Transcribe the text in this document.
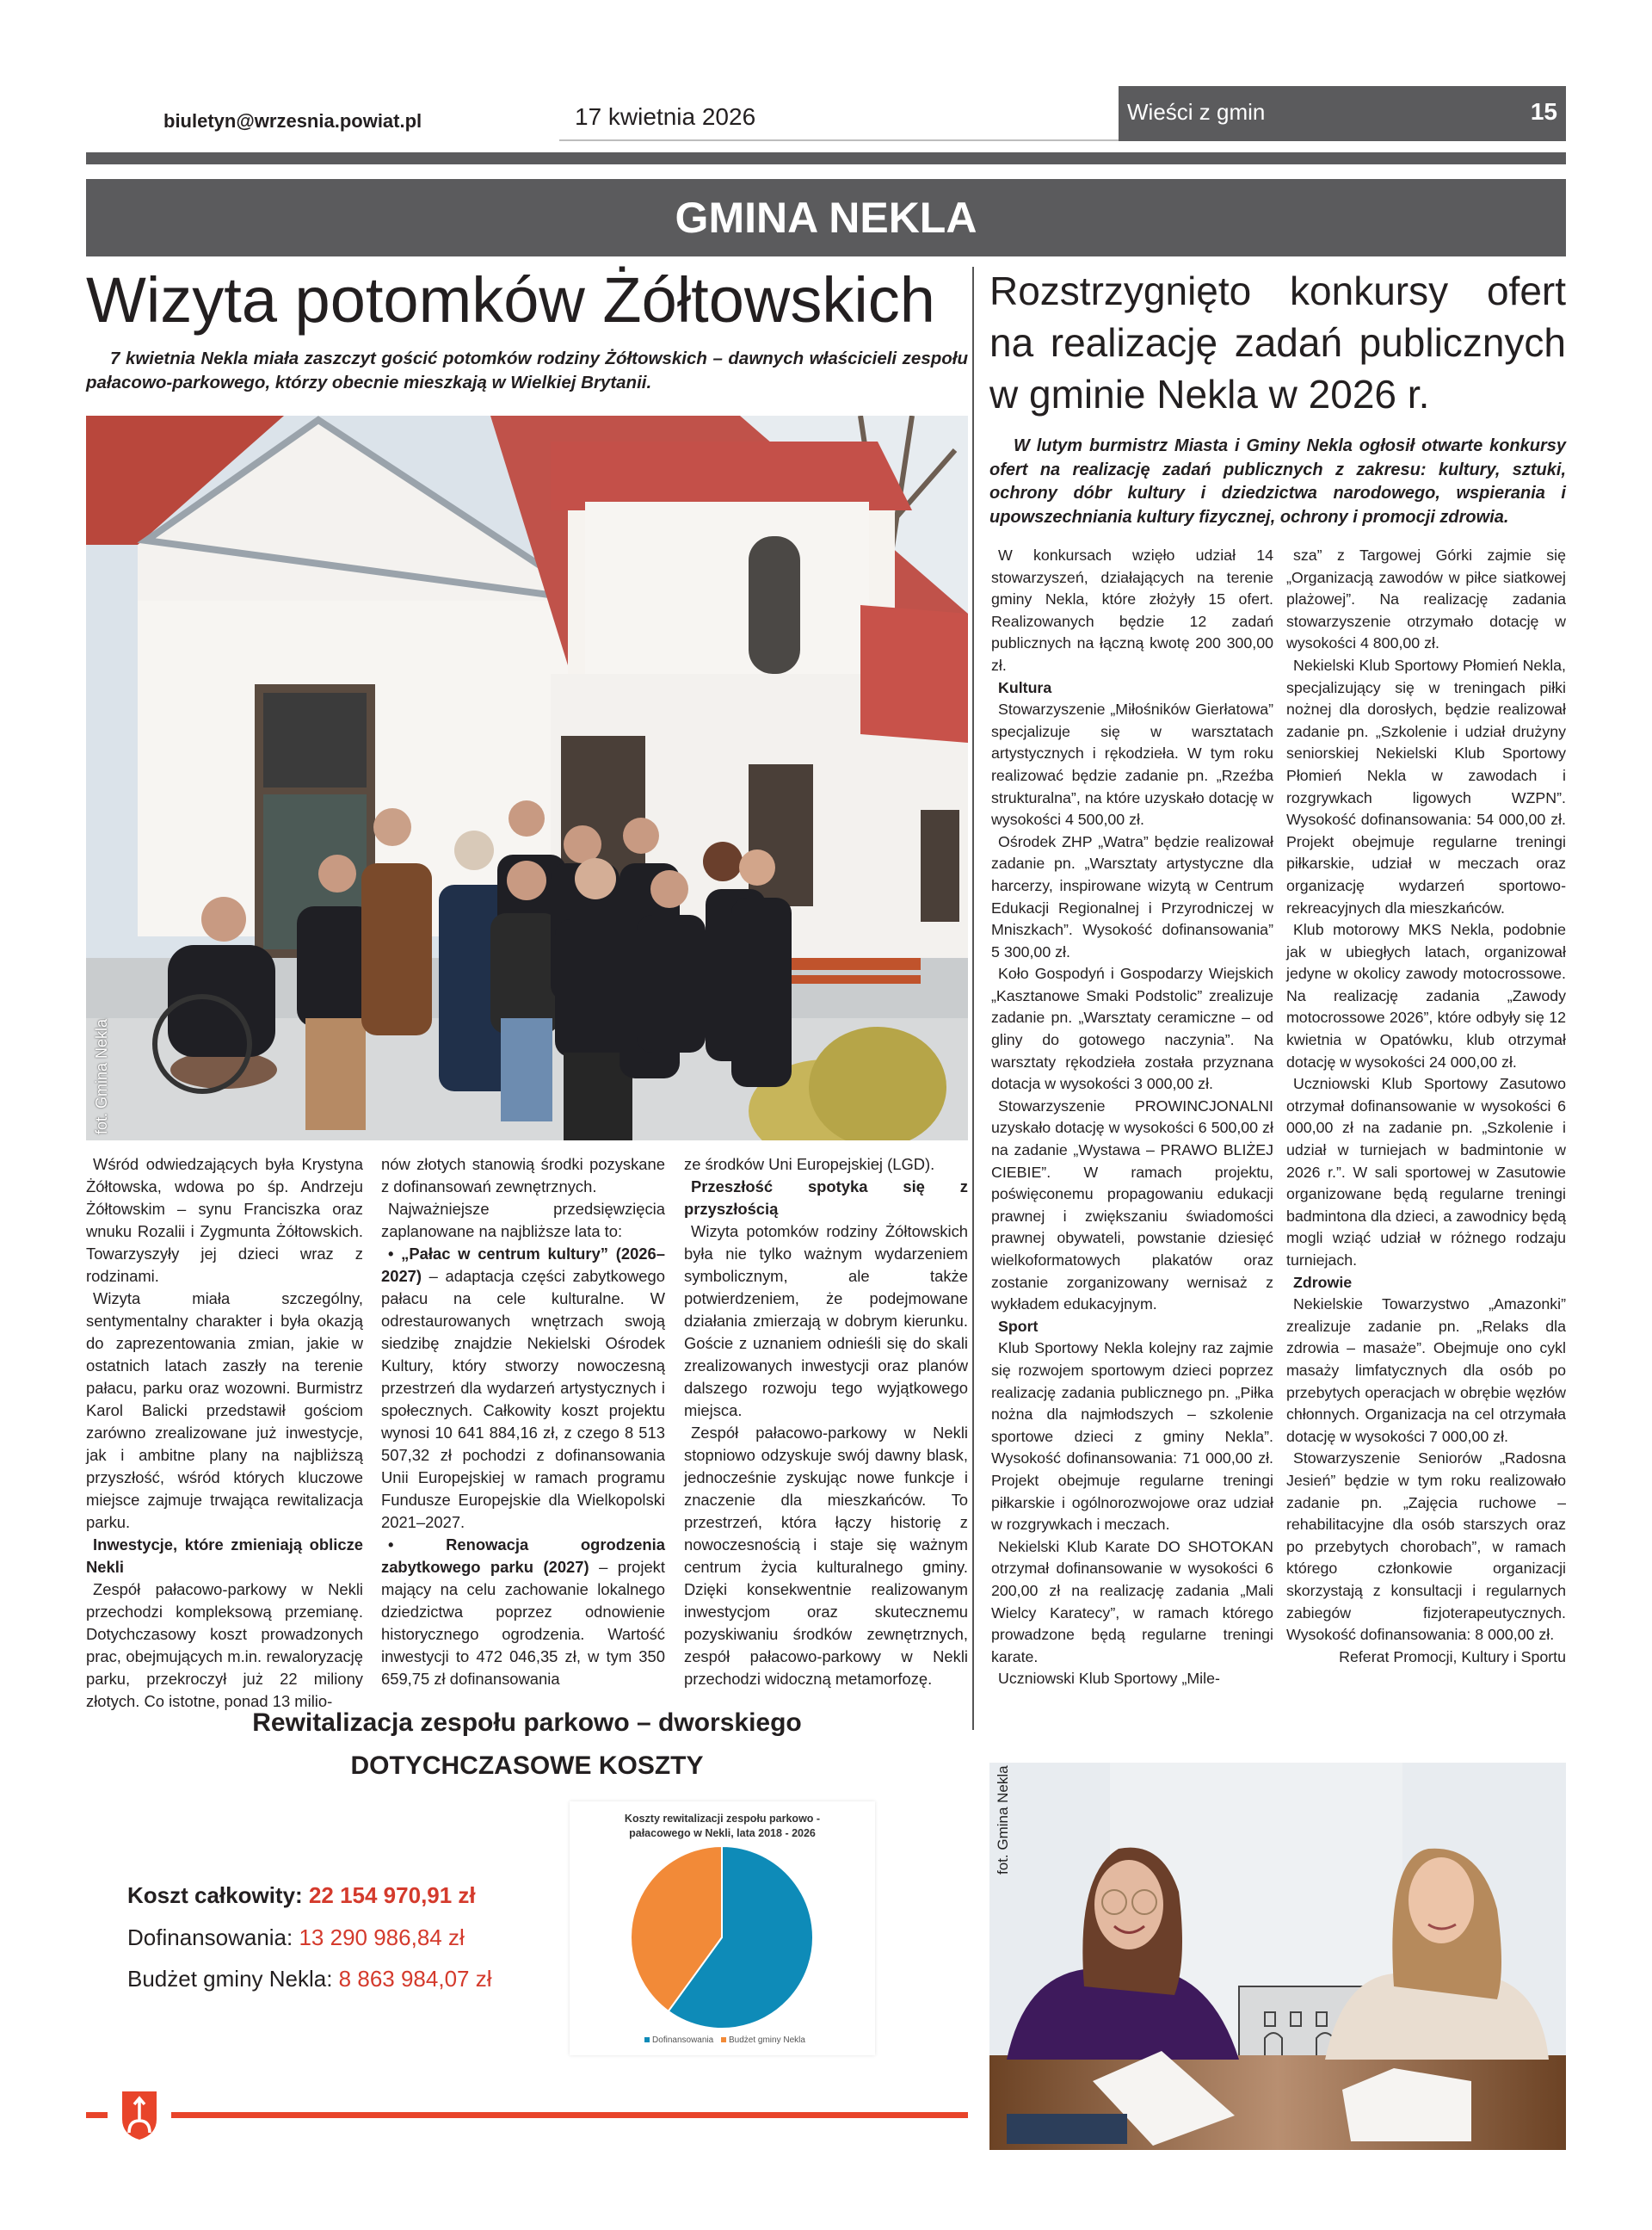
biuletyn@wrzesnia.powiat.pl	17 kwietnia 2026	Wieści z gmin	15
GMINA NEKLA
Wizyta potomków Żółtowskich
7 kwietnia Nekla miała zaszczyt gościć potomków rodziny Żółtowskich – dawnych właścicieli zespołu pałacowo-parkowego, którzy obecnie mieszkają w Wielkiej Brytanii.
fot. Gmina Nekla

Wśród odwiedzających była Krystyna Żółtowska, wdowa po śp. Andrzeju Żółtowskim – synu Franciszka oraz wnuku Rozalii i Zygmunta Żółtowskich. Towarzyszyły jej dzieci wraz z rodzinami.

Wizyta miała szczególny, sentymentalny charakter i była okazją do zaprezentowania zmian, jakie w ostatnich latach zaszły na terenie pałacu, parku oraz wozowni. Burmistrz Karol Balicki przedstawił gościom zarówno zrealizowane już inwestycje, jak i ambitne plany na najbliższą przyszłość, wśród których kluczowe miejsce zajmuje trwająca rewitalizacja parku.

Inwestycje, które zmieniają oblicze Nekli

Zespół pałacowo-parkowy w Nekli przechodzi kompleksową przemianę. Dotychczasowy koszt prowadzonych prac, obejmujących m.in. rewaloryzację parku, przekroczył już 22 miliony złotych. Co istotne, ponad 13 milio-

nów złotych stanowią środki pozyskane z dofinansowań zewnętrznych.

Najważniejsze przedsięwzięcia zaplanowane na najbliższe lata to:

• „Pałac w centrum kultury” (2026–2027) – adaptacja części zabytkowego pałacu na cele kulturalne. W odrestaurowanych wnętrzach swoją siedzibę znajdzie Nekielski Ośrodek Kultury, który stworzy nowoczesną przestrzeń dla wydarzeń artystycznych i społecznych. Całkowity koszt projektu wynosi 10 641 884,16 zł, z czego 8 513 507,32 zł pochodzi z dofinansowania Unii Europejskiej w ramach programu Fundusze Europejskie dla Wielkopolski 2021–2027.

• Renowacja ogrodzenia zabytkowego parku (2027) – projekt mający na celu zachowanie lokalnego dziedzictwa poprzez odnowienie historycznego ogrodzenia. Wartość inwestycji to 472 046,35 zł, w tym 350 659,75 zł dofinansowania

ze środków Uni Europejskiej (LGD).

Przeszłość spotyka się z przyszłością

Wizyta potomków rodziny Żółtowskich była nie tylko ważnym wydarzeniem symbolicznym, ale także potwierdzeniem, że podejmowane działania zmierzają w dobrym kierunku. Goście z uznaniem odnieśli się do skali zrealizowanych inwestycji oraz planów dalszego rozwoju tego wyjątkowego miejsca.

Zespół pałacowo-parkowy w Nekli stopniowo odzyskuje swój dawny blask, jednocześnie zyskując nowe funkcje i znaczenie dla mieszkańców. To przestrzeń, która łączy historię z nowoczesnością i staje się ważnym centrum życia kulturalnego gminy. Dzięki konsekwentnie realizowanym inwestycjom oraz skutecznemu pozyskiwaniu środków zewnętrznych, zespół pałacowo-parkowy w Nekli przechodzi widoczną metamorfozę.

Rewitalizacja zespołu parkowo – dworskiego
DOTYCHCZASOWE KOSZTY
Koszt całkowity: 22 154 970,91 zł
Dofinansowania: 13 290 986,84 zł
Budżet gminy Nekla: 8 863 984,07 zł
Koszty rewitalizacji zespołu parkowo -
pałacowego w Nekli, lata 2018 - 2026
Dofinansowania Budżet gminy Nekla
Rozstrzygnięto konkursy ofert
na realizację zadań publicznych
w gminie Nekla w 2026 r.
W lutym burmistrz Miasta i Gminy Nekla ogłosił otwarte konkursy ofert na realizację zadań publicznych z zakresu: kultury, sztuki, ochrony dóbr kultury i dziedzictwa narodowego, wspierania i upowszechniania kultury fizycznej, ochrony i promocji zdrowia.

W konkursach wzięło udział 14 stowarzyszeń, działających na terenie gminy Nekla, które złożyły 15 ofert. Realizowanych będzie 12 zadań publicznych na łączną kwotę 200 300,00 zł.

Kultura

Stowarzyszenie „Miłośników Gierłatowa” specjalizuje się w warsztatach artystycznych i rękodzieła. W tym roku realizować będzie zadanie pn. „Rzeźba strukturalna”, na które uzyskało dotację w wysokości 4 500,00 zł.

Ośrodek ZHP „Watra” będzie realizował zadanie pn. „Warsztaty artystyczne dla harcerzy, inspirowane wizytą w Centrum Edukacji Regionalnej i Przyrodniczej w Mniszkach”. Wysokość dofinansowania” 5 300,00 zł.

Koło Gospodyń i Gospodarzy Wiejskich „Kasztanowe Smaki Podstolic” zrealizuje zadanie pn. „Warsztaty ceramiczne – od gliny do gotowego naczynia”. Na warsztaty rękodzieła została przyznana dotacja w wysokości 3 000,00 zł.

Stowarzyszenie PROWINCJONALNI uzyskało dotację w wysokości 6 500,00 zł na zadanie „Wystawa – PRAWO BLIŻEJ CIEBIE”. W ramach projektu, poświęconemu propagowaniu edukacji prawnej i zwiększaniu świadomości prawnej obywateli, powstanie dziesięć wielkoformatowych plakatów oraz zostanie zorganizowany wernisaż z wykładem edukacyjnym.

Sport

Klub Sportowy Nekla kolejny raz zajmie się rozwojem sportowym dzieci poprzez realizację zadania publicznego pn. „Piłka nożna dla najmłodszych – szkolenie sportowe dzieci z gminy Nekla”. Wysokość dofinansowania: 71 000,00 zł. Projekt obejmuje regularne treningi piłkarskie i ogólnorozwojowe oraz udział w rozgrywkach i meczach.

Nekielski Klub Karate DO SHOTOKAN otrzymał dofinansowanie w wysokości 6 200,00 zł na realizację zadania „Mali Wielcy Karatecy”, w ramach którego prowadzone będą regularne treningi karate.

Uczniowski Klub Sportowy „Mile-

sza” z Targowej Górki zajmie się „Organizacją zawodów w piłce siatkowej plażowej”. Na realizację zadania stowarzyszenie otrzymało dotację w wysokości 4 800,00 zł.

Nekielski Klub Sportowy Płomień Nekla, specjalizujący się w treningach piłki nożnej dla dorosłych, będzie realizował zadanie pn. „Szkolenie i udział drużyny seniorskiej Nekielski Klub Sportowy Płomień Nekla w zawodach i rozgrywkach ligowych WZPN”. Wysokość dofinansowania: 54 000,00 zł. Projekt obejmuje regularne treningi piłkarskie, udział w meczach oraz organizację wydarzeń sportowo-rekreacyjnych dla mieszkańców.

Klub motorowy MKS Nekla, podobnie jak w ubiegłych latach, organizował jedyne w okolicy zawody motocrossowe. Na realizację zadania „Zawody motocrossowe 2026”, które odbyły się 12 kwietnia w Opatówku, klub otrzymał dotację w wysokości 24 000,00 zł.

Uczniowski Klub Sportowy Zasutowo otrzymał dofinansowanie w wysokości 6 000,00 zł na zadanie pn. „Szkolenie i udział w turniejach w badmintonie w 2026 r.”. W sali sportowej w Zasutowie organizowane będą regularne treningi badmintona dla dzieci, a zawodnicy będą mogli wziąć udział w różnego rodzaju turniejach.

Zdrowie

Nekielskie Towarzystwo „Amazonki” zrealizuje zadanie pn. „Relaks dla zdrowia – masaże”. Obejmuje ono cykl masaży limfatycznych dla osób po przebytych operacjach w obrębie węzłów chłonnych. Organizacja na cel otrzymała dotację w wysokości 7 000,00 zł.

Stowarzyszenie Seniorów „Radosna Jesień” będzie w tym roku realizowało zadanie pn. „Zajęcia ruchowe – rehabilitacyjne dla osób starszych oraz po przebytych chorobach”, w ramach którego członkowie organizacji skorzystają z konsultacji i regularnych zabiegów fizjoterapeutycznych. Wysokość dofinansowania: 8 000,00 zł.

Referat Promocji, Kultury i Sportu

fot. Gmina Nekla
